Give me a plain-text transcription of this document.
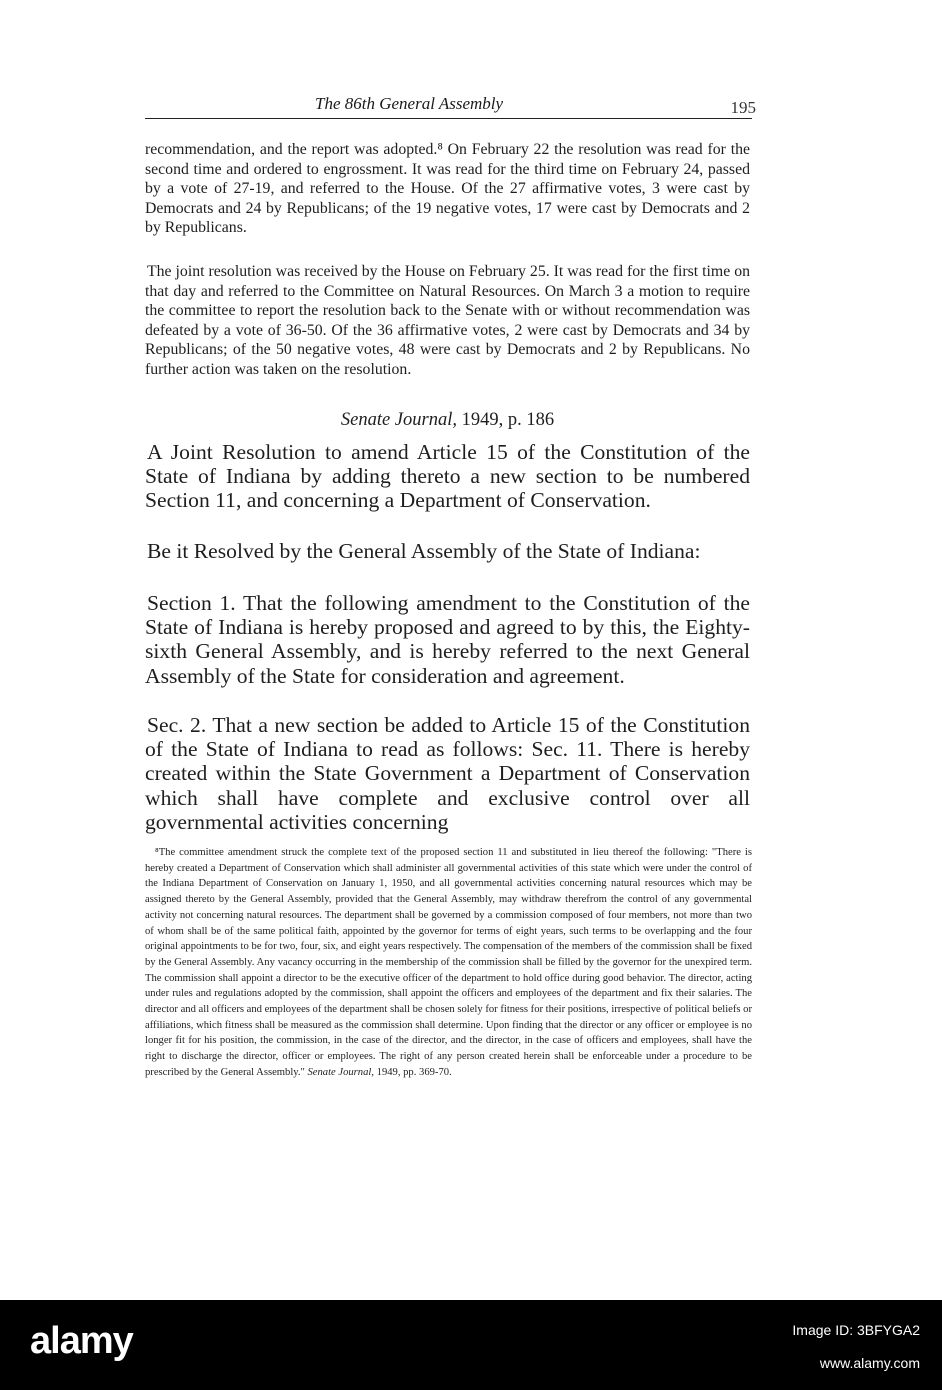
The 86th General Assembly	195

recommendation, and the report was adopted.⁸ On February 22 the resolution was read for the second time and ordered to engrossment. It was read for the third time on February 24, passed by a vote of 27-19, and referred to the House. Of the 27 affirmative votes, 3 were cast by Democrats and 24 by Republicans; of the 19 negative votes, 17 were cast by Democrats and 2 by Republicans.

The joint resolution was received by the House on February 25. It was read for the first time on that day and referred to the Committee on Natural Resources. On March 3 a motion to require the committee to report the resolution back to the Senate with or without recommendation was defeated by a vote of 36-50. Of the 36 affirmative votes, 2 were cast by Democrats and 34 by Republicans; of the 50 negative votes, 48 were cast by Democrats and 2 by Republicans. No further action was taken on the resolution.

Senate Journal, 1949, p. 186

A Joint Resolution to amend Article 15 of the Constitution of the State of Indiana by adding thereto a new section to be numbered Section 11, and concerning a Department of Conservation.

Be it Resolved by the General Assembly of the State of Indiana:

Section 1. That the following amendment to the Constitution of the State of Indiana is hereby proposed and agreed to by this, the Eighty-sixth General Assembly, and is hereby referred to the next General Assembly of the State for consideration and agreement.

Sec. 2. That a new section be added to Article 15 of the Constitution of the State of Indiana to read as follows: Sec. 11. There is hereby created within the State Government a Department of Conservation which shall have complete and exclusive control over all governmental activities concerning

⁸The committee amendment struck the complete text of the proposed section 11 and substituted in lieu thereof the following: "There is hereby created a Department of Conservation which shall administer all governmental activities of this state which were under the control of the Indiana Department of Conservation on January 1, 1950, and all governmental activities concerning natural resources which may be assigned thereto by the General Assembly, provided that the General Assembly, may withdraw therefrom the control of any governmental activity not concerning natural resources. The department shall be governed by a commission composed of four members, not more than two of whom shall be of the same political faith, appointed by the governor for terms of eight years, such terms to be overlapping and the four original appointments to be for two, four, six, and eight years respectively. The compensation of the members of the commission shall be fixed by the General Assembly. Any vacancy occurring in the membership of the commission shall be filled by the governor for the unexpired term. The commission shall appoint a director to be the executive officer of the department to hold office during good behavior. The director, acting under rules and regulations adopted by the commission, shall appoint the officers and employees of the department and fix their salaries. The director and all officers and employees of the department shall be chosen solely for fitness for their positions, irrespective of political beliefs or affiliations, which fitness shall be measured as the commission shall determine. Upon finding that the director or any officer or employee is no longer fit for his position, the commission, in the case of the director, and the director, in the case of officers and employees, shall have the right to discharge the director, officer or employees. The right of any person created herein shall be enforceable under a procedure to be prescribed by the General Assembly." Senate Journal, 1949, pp. 369-70.

alamy	Image ID: 3BFYGA2
www.alamy.com
